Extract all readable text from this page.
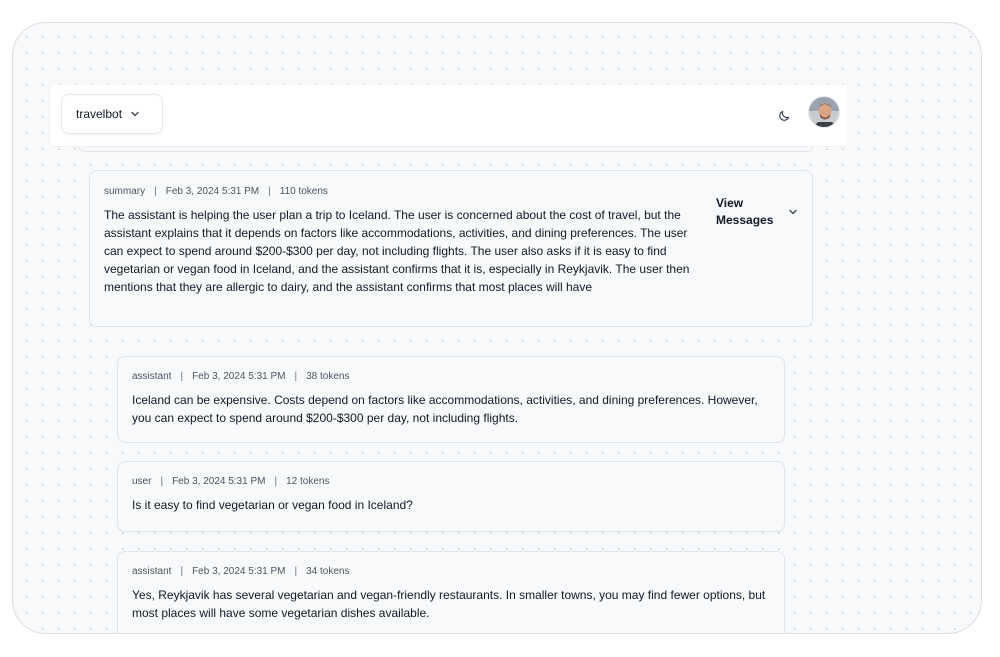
travelbot
summary | Feb 3, 2024 5:31 PM | 110 tokens
The assistant is helping the user plan a trip to Iceland. The user is concerned about the cost of travel, but the assistant explains that it depends on factors like accommodations, activities, and dining preferences. The user can expect to spend around $200-$300 per day, not including flights. The user also asks if it is easy to find vegetarian or vegan food in Iceland, and the assistant confirms that it is, especially in Reykjavik. The user then mentions that they are allergic to dairy, and the assistant confirms that most places will have
View Messages
assistant | Feb 3, 2024 5:31 PM | 38 tokens
Iceland can be expensive. Costs depend on factors like accommodations, activities, and dining preferences. However, you can expect to spend around $200-$300 per day, not including flights.
user | Feb 3, 2024 5:31 PM | 12 tokens
Is it easy to find vegetarian or vegan food in Iceland?
assistant | Feb 3, 2024 5:31 PM | 34 tokens
Yes, Reykjavik has several vegetarian and vegan-friendly restaurants. In smaller towns, you may find fewer options, but most places will have some vegetarian dishes available.
